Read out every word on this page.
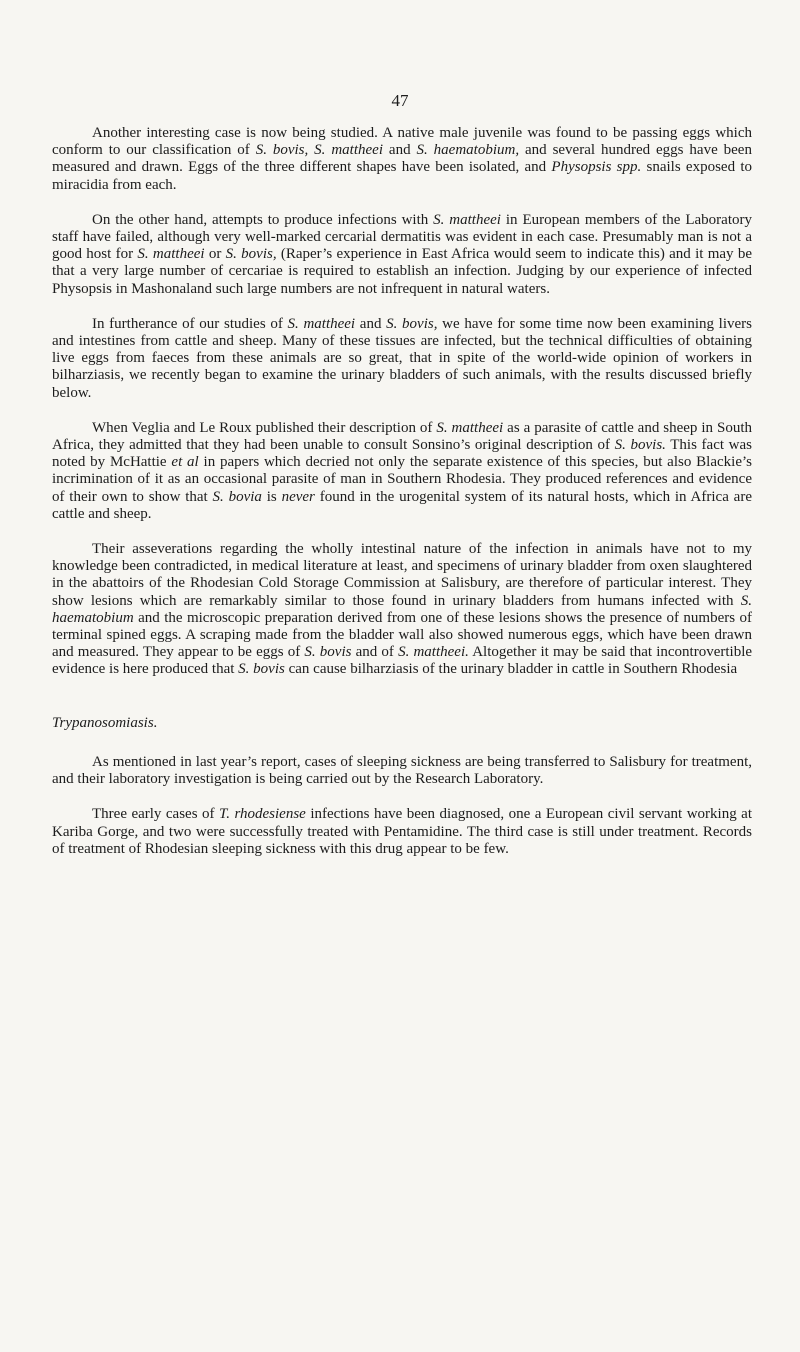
47

Another interesting case is now being studied. A native male juvenile was found to be passing eggs which conform to our classification of S. bovis, S. mattheei and S. haematobium, and several hundred eggs have been measured and drawn. Eggs of the three different shapes have been isolated, and Physopsis spp. snails exposed to miracidia from each.

On the other hand, attempts to produce infections with S. mattheei in European members of the Laboratory staff have failed, although very well-marked cercarial dermatitis was evident in each case. Presumably man is not a good host for S. mattheei or S. bovis, (Raper’s experience in East Africa would seem to indicate this) and it may be that a very large number of cercariae is required to establish an infection. Judging by our experience of infected Physopsis in Mashonaland such large numbers are not infrequent in natural waters.

In furtherance of our studies of S. mattheei and S. bovis, we have for some time now been examining livers and intestines from cattle and sheep. Many of these tissues are infected, but the technical difficulties of obtaining live eggs from faeces from these animals are so great, that in spite of the world-wide opinion of workers in bilharziasis, we recently began to examine the urinary bladders of such animals, with the results discussed briefly below.

When Veglia and Le Roux published their description of S. mattheei as a parasite of cattle and sheep in South Africa, they admitted that they had been unable to consult Sonsino’s original description of S. bovis. This fact was noted by McHattie et al in papers which decried not only the separate existence of this species, but also Blackie’s incrimination of it as an occasional parasite of man in Southern Rhodesia. They produced references and evidence of their own to show that S. bovia is never found in the urogenital system of its natural hosts, which in Africa are cattle and sheep.

Their asseverations regarding the wholly intestinal nature of the infection in animals have not to my knowledge been contradicted, in medical literature at least, and specimens of urinary bladder from oxen slaughtered in the abattoirs of the Rhodesian Cold Storage Commission at Salisbury, are therefore of particular interest. They show lesions which are remarkably similar to those found in urinary bladders from humans infected with S. haematobium and the microscopic preparation derived from one of these lesions shows the presence of numbers of terminal spined eggs. A scraping made from the bladder wall also showed numerous eggs, which have been drawn and measured. They appear to be eggs of S. bovis and of S. mattheei. Altogether it may be said that incontrovertible evidence is here produced that S. bovis can cause bilharziasis of the urinary bladder in cattle in Southern Rhodesia

Trypanosomiasis.

As mentioned in last year’s report, cases of sleeping sickness are being transferred to Salisbury for treatment, and their laboratory investigation is being carried out by the Research Laboratory.

Three early cases of T. rhodesiense infections have been diagnosed, one a European civil servant working at Kariba Gorge, and two were successfully treated with Pentamidine. The third case is still under treatment. Records of treatment of Rhodesian sleeping sickness with this drug appear to be few.
